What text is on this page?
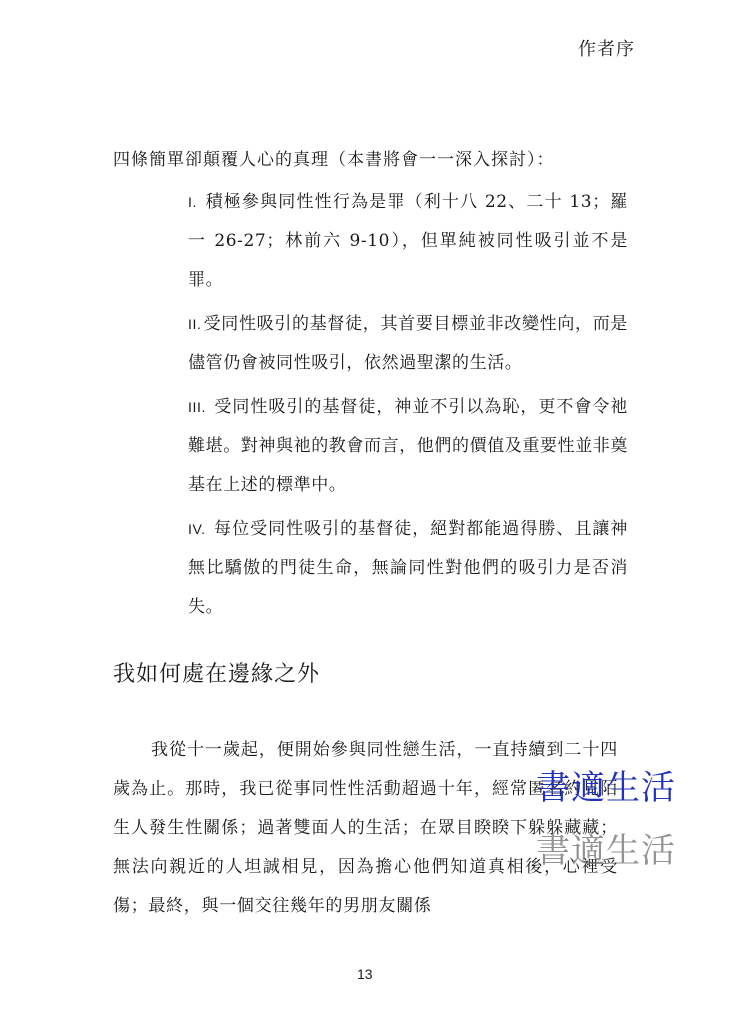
作者序
四條簡單卻顛覆人心的真理（本書將會一一深入探討）：

I. 積極參與同性性行為是罪（利十八 22、二十 13；羅一 26-27；林前六 9-10），但單純被同性吸引並不是罪。

II. 受同性吸引的基督徒，其首要目標並非改變性向，而是儘管仍會被同性吸引，依然過聖潔的生活。

III. 受同性吸引的基督徒，神並不引以為恥，更不會令祂難堪。對神與祂的教會而言，他們的價值及重要性並非奠基在上述的標準中。

IV. 每位受同性吸引的基督徒，絕對都能過得勝、且讓神無比驕傲的門徒生命，無論同性對他們的吸引力是否消失。

我如何處在邊緣之外

我從十一歲起，便開始參與同性戀生活，一直持續到二十四歲為止。那時，我已從事同性性活動超過十年，經常匿名約見陌生人發生性關係；過著雙面人的生活；在眾目睽睽下躲躲藏藏；無法向親近的人坦誠相見，因為擔心他們知道真相後，心裡受傷；最終，與一個交往幾年的男朋友關係

書適生活
書適生活
13
